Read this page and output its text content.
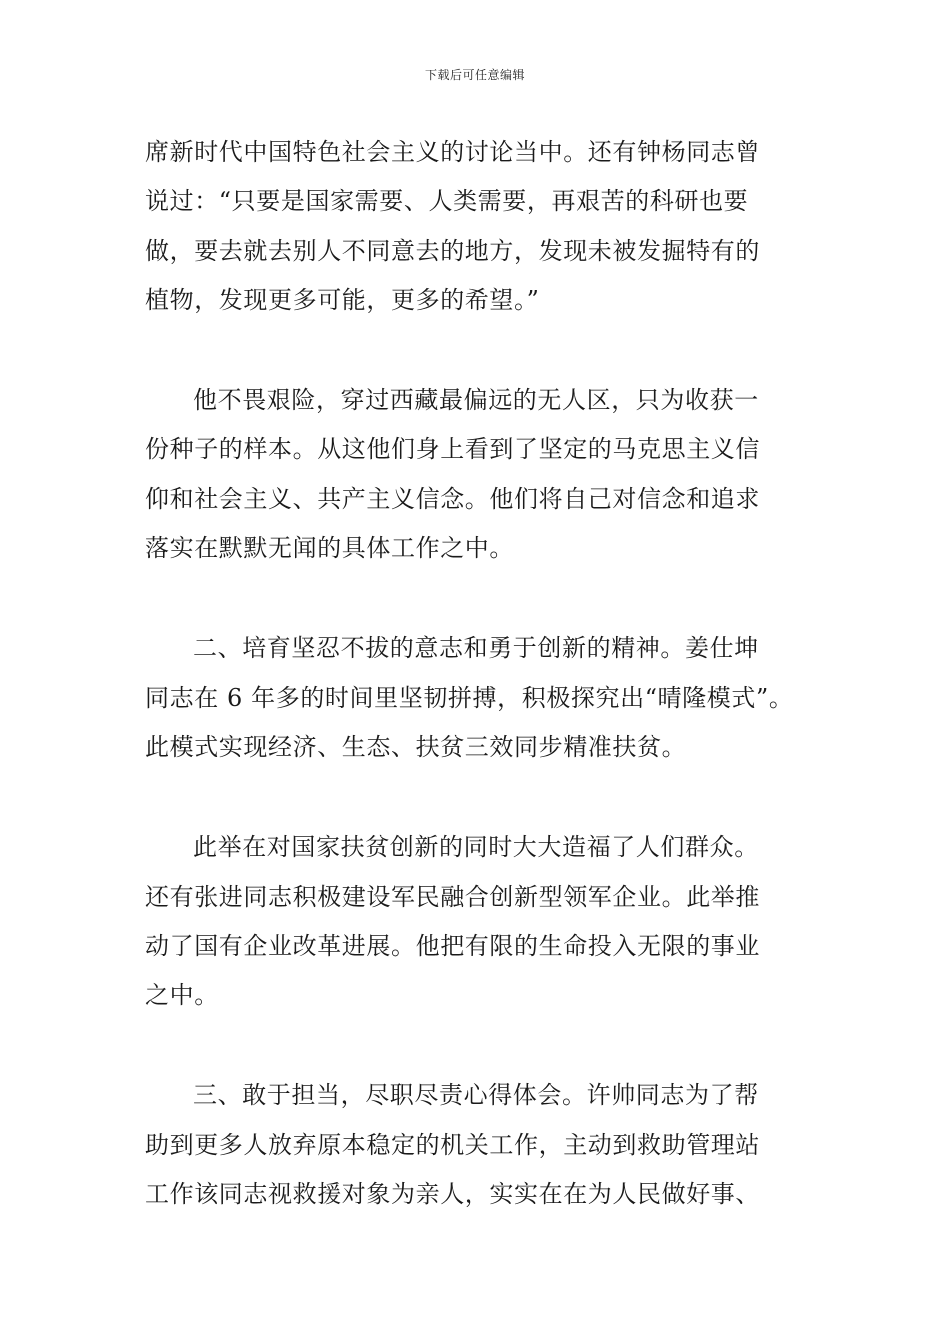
下载后可任意编辑

席新时代中国特色社会主义的讨论当中。还有钟杨同志曾
说过：“只要是国家需要、人类需要，再艰苦的科研也要
做，要去就去别人不同意去的地方，发现未被发掘特有的
植物，发现更多可能，更多的希望。”

他不畏艰险，穿过西藏最偏远的无人区，只为收获一
份种子的样本。从这他们身上看到了坚定的马克思主义信
仰和社会主义、共产主义信念。他们将自己对信念和追求
落实在默默无闻的具体工作之中。

二、培育坚忍不拔的意志和勇于创新的精神。姜仕坤
同志在 6 年多的时间里坚韧拼搏，积极探究出“晴隆模式”。
此模式实现经济、生态、扶贫三效同步精准扶贫。

此举在对国家扶贫创新的同时大大造福了人们群众。
还有张进同志积极建设军民融合创新型领军企业。此举推
动了国有企业改革进展。他把有限的生命投入无限的事业
之中。

三、敢于担当，尽职尽责心得体会。许帅同志为了帮
助到更多人放弃原本稳定的机关工作，主动到救助管理站
工作该同志视救援对象为亲人，实实在在为人民做好事、
